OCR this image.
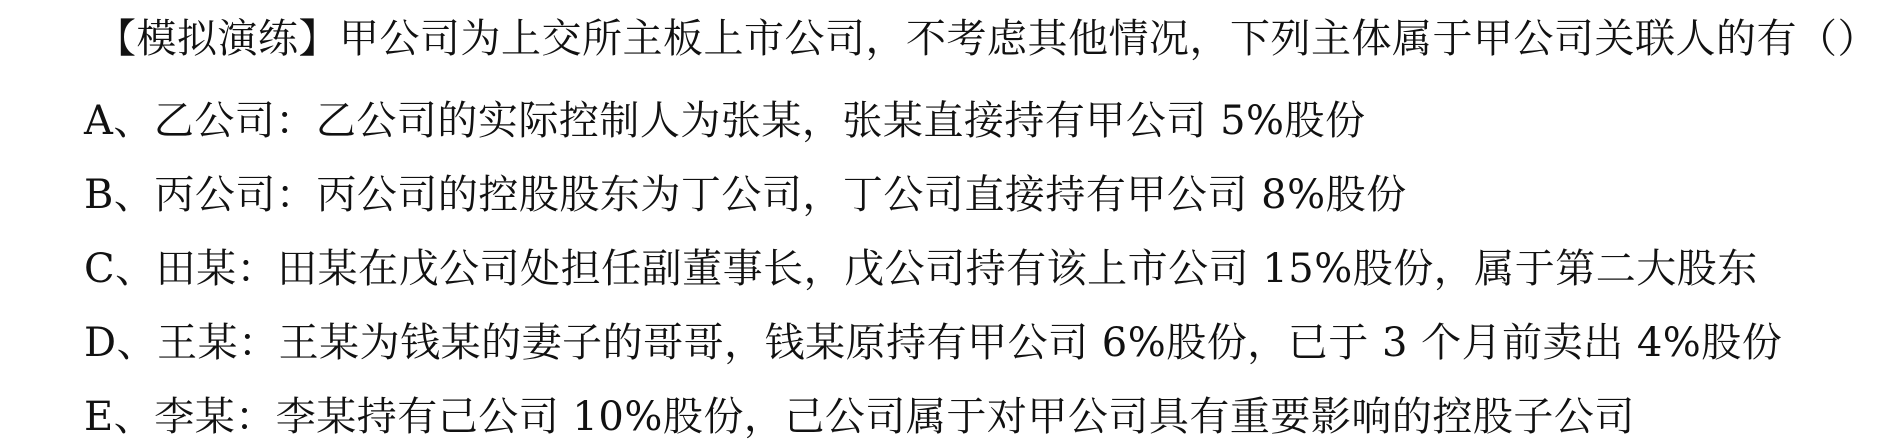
【模拟演练】甲公司为上交所主板上市公司，不考虑其他情况，下列主体属于甲公司关联人的有（）
A、乙公司：乙公司的实际控制人为张某，张某直接持有甲公司 5%股份
B、丙公司：丙公司的控股股东为丁公司，丁公司直接持有甲公司 8%股份
C、田某：田某在戊公司处担任副董事长，戊公司持有该上市公司 15%股份，属于第二大股东
D、王某：王某为钱某的妻子的哥哥，钱某原持有甲公司 6%股份，已于 3 个月前卖出 4%股份
E、李某：李某持有己公司 10%股份，己公司属于对甲公司具有重要影响的控股子公司
